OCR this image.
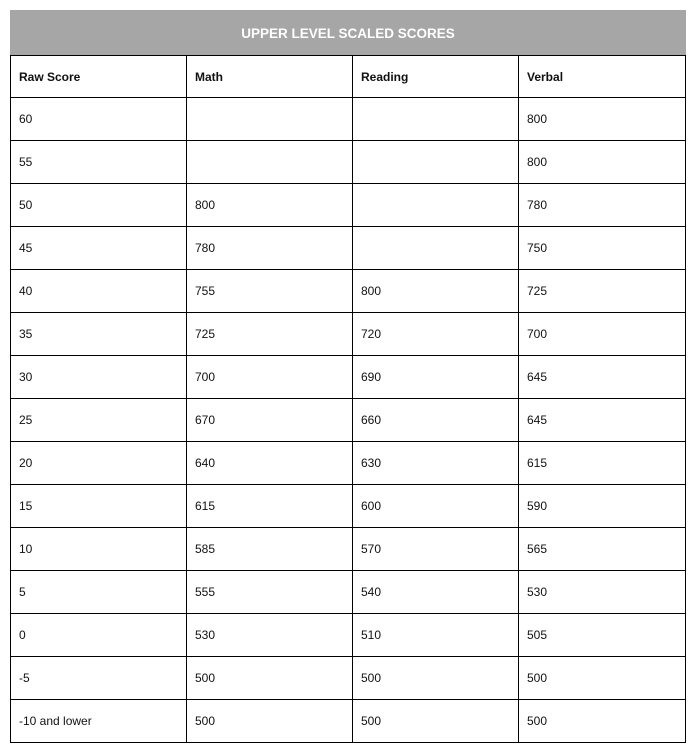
UPPER LEVEL SCALED SCORES			
Raw Score	Math	Reading	Verbal
60			800
55			800
50	800		780
45	780		750
40	755	800	725
35	725	720	700
30	700	690	645
25	670	660	645
20	640	630	615
15	615	600	590
10	585	570	565
5	555	540	530
0	530	510	505
-5	500	500	500
-10 and lower	500	500	500
